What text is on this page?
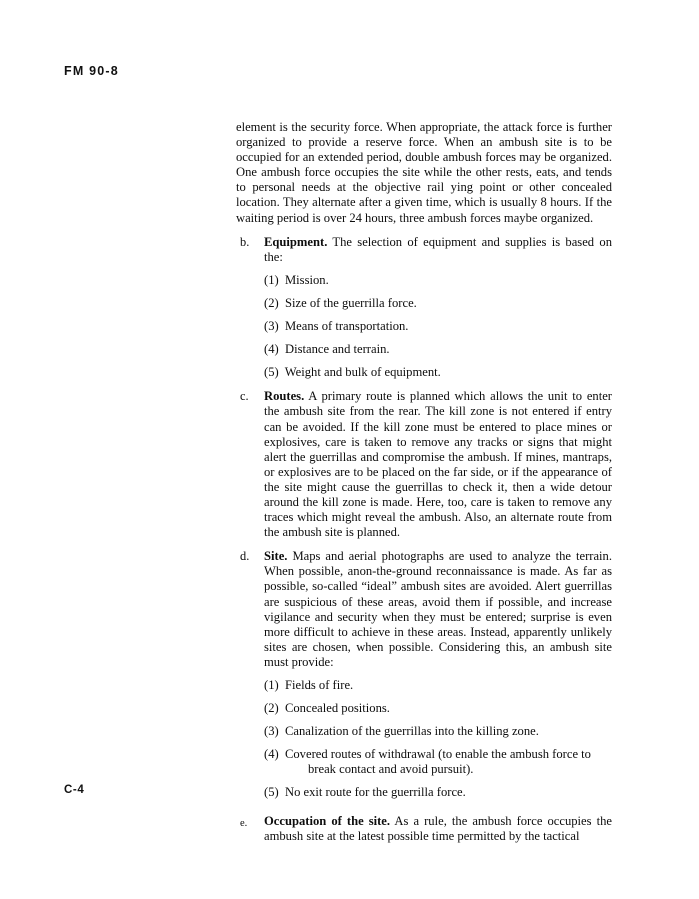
FM 90-8

element is the security force. When appropriate, the attack force is further organized to provide a reserve force. When an ambush site is to be occupied for an extended period, double ambush forces may be organized. One ambush force occupies the site while the other rests, eats, and tends to personal needs at the objective rail ying point or other concealed location. They alternate after a given time, which is usually 8 hours. If the waiting period is over 24 hours, three ambush forces maybe organized.

b.	Equipment. The selection of equipment and supplies is based on the:
(1) Mission.
(2) Size of the guerrilla force.
(3) Means of transportation.
(4) Distance and terrain.
(5) Weight and bulk of equipment.
c.	Routes. A primary route is planned which allows the unit to enter the ambush site from the rear. The kill zone is not entered if entry can be avoided. If the kill zone must be entered to place mines or explosives, care is taken to remove any tracks or signs that might alert the guerrillas and compromise the ambush. If mines, mantraps, or explosives are to be placed on the far side, or if the appearance of the site might cause the guerrillas to check it, then a wide detour around the kill zone is made. Here, too, care is taken to remove any traces which might reveal the ambush. Also, an alternate route from the ambush site is planned.
d.	Site. Maps and aerial photographs are used to analyze the terrain. When possible, anon-the-ground reconnaissance is made. As far as possible, so-called “ideal” ambush sites are avoided. Alert guerrillas are suspicious of these areas, avoid them if possible, and increase vigilance and security when they must be entered; surprise is even more difficult to achieve in these areas. Instead, apparently unlikely sites are chosen, when possible. Considering this, an ambush site must provide:
(1) Fields of fire.
(2) Concealed positions.
(3) Canalization of the guerrillas into the killing zone.
(4) Covered routes of withdrawal (to enable the ambush force to
break contact and avoid pursuit).
(5) No exit route for the guerrilla force.
e.	Occupation of the site. As a rule, the ambush force occupies the ambush site at the latest possible time permitted by the tactical
C-4
